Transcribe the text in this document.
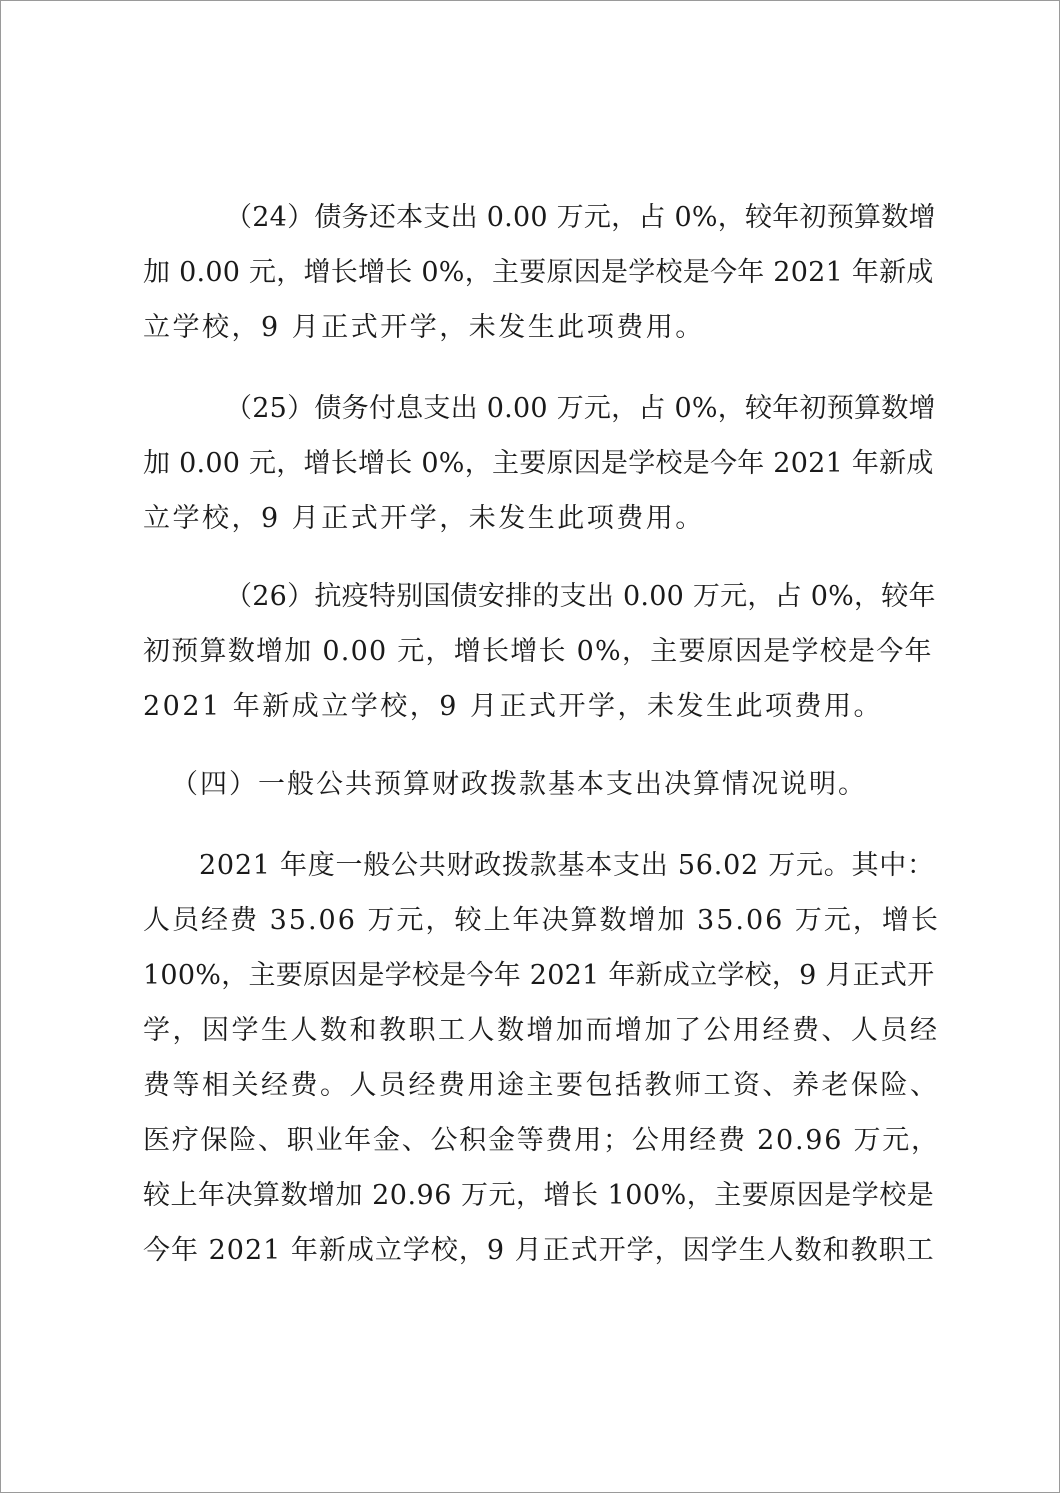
（24）债务还本支出 0.00 万元，占 0%，较年初预算数增
加 0.00 元，增长增长 0%，主要原因是学校是今年 2021 年新成
立学校，9 月正式开学，未发生此项费用。
（25）债务付息支出 0.00 万元，占 0%，较年初预算数增
加 0.00 元，增长增长 0%，主要原因是学校是今年 2021 年新成
立学校，9 月正式开学，未发生此项费用。
（26）抗疫特别国债安排的支出 0.00 万元，占 0%，较年
初预算数增加 0.00 元，增长增长 0%，主要原因是学校是今年
2021 年新成立学校，9 月正式开学，未发生此项费用。
（四）一般公共预算财政拨款基本支出决算情况说明。
2021 年度一般公共财政拨款基本支出 56.02 万元。其中：
人员经费 35.06 万元，较上年决算数增加 35.06 万元，增长
100%，主要原因是学校是今年 2021 年新成立学校，9 月正式开
学，因学生人数和教职工人数增加而增加了公用经费、人员经
费等相关经费。人员经费用途主要包括教师工资、养老保险、
医疗保险、职业年金、公积金等费用；公用经费 20.96 万元，
较上年决算数增加 20.96 万元，增长 100%，主要原因是学校是
今年 2021 年新成立学校，9 月正式开学，因学生人数和教职工
